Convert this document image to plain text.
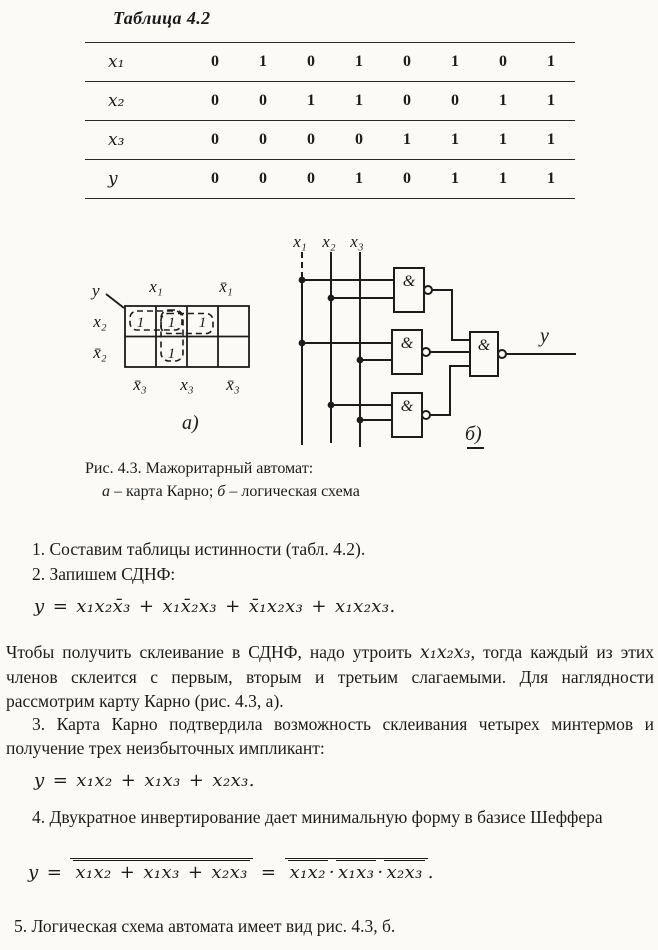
Таблица 4.2
x₁	0	1	0	1	0	1	0	1
x₂	0	0	1	1	0	0	1	1
x₃	0	0	0	0	1	1	1	1
y	0	0	0	1	0	1	1	1
y	x₁	x̄₁
x₂
x̄₂
x̄₃ x₃ x̄₃
1 1 1
1
а)
x₁ x₂ x₃
&
&
&
& y
б)
Рис. 4.3. Мажоритарный автомат:
а – карта Карно; б – логическая схема
1. Составим таблицы истинности (табл. 4.2).
2. Запишем СДНФ:
y = x₁x₂x̄₃ + x₁x̄₂x₃ + x̄₁x₂x₃ + x₁x₂x₃.
Чтобы получить склеивание в СДНФ, надо утроить x₁x₂x₃, тогда каждый из этих членов склеится с первым, вторым и третьим слагаемыми. Для наглядности рассмотрим карту Карно (рис. 4.3, а).
3. Карта Карно подтвердила возможность склеивания четырех минтермов и получение трех неизбыточных импликант:
y = x₁x₂ + x₁x₃ + x₂x₃.
4. Двукратное инвертирование дает минимальную форму в базисе Шеффера
y = x₁x₂ + x₁x₃ + x₂x₃ = x₁x₂ · x₁x₃ · x₂x₃ .
5. Логическая схема автомата имеет вид рис. 4.3, б.
